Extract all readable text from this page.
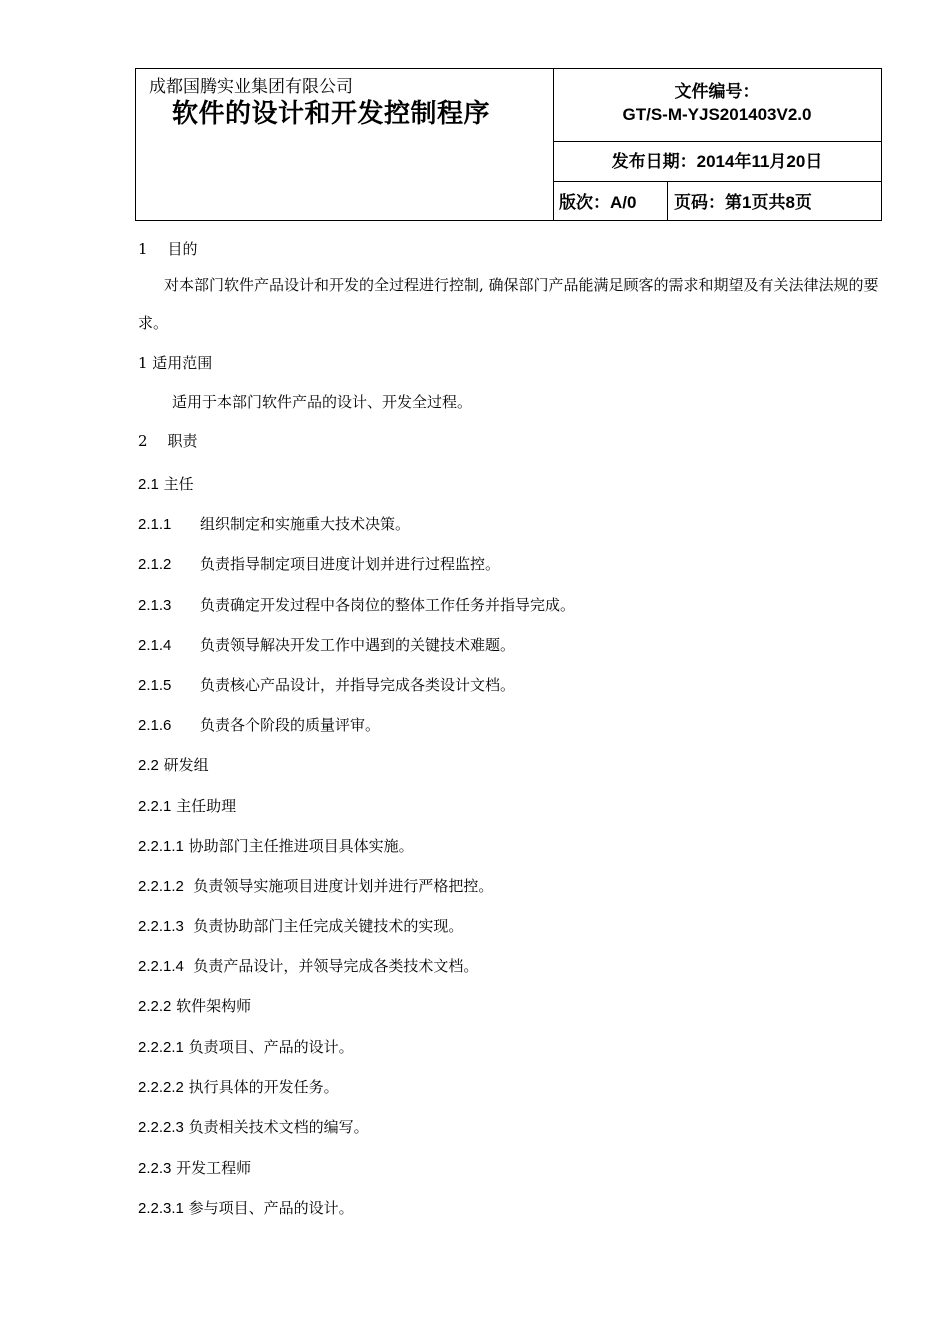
成都国腾实业集团有限公司
软件的设计和开发控制程序
文件编号：
GT/S-M-YJS201403V2.0
发布日期：2014年11月20日
版次：A/0 页码：第1页共8页
1 目的
对本部门软件产品设计和开发的全过程进行控制, 确保部门产品能满足顾客的需求和期望及有关法律法规的要求。
1 适用范围
适用于本部门软件产品的设计、开发全过程。
2 职责
2.1 主任
2.1.1 组织制定和实施重大技术决策。
2.1.2 负责指导制定项目进度计划并进行过程监控。
2.1.3 负责确定开发过程中各岗位的整体工作任务并指导完成。
2.1.4 负责领导解决开发工作中遇到的关键技术难题。
2.1.5 负责核心产品设计，并指导完成各类设计文档。
2.1.6 负责各个阶段的质量评审。
2.2 研发组
2.2.1 主任助理
2.2.1.1 协助部门主任推进项目具体实施。
2.2.1.2 负责领导实施项目进度计划并进行严格把控。
2.2.1.3 负责协助部门主任完成关键技术的实现。
2.2.1.4 负责产品设计，并领导完成各类技术文档。
2.2.2 软件架构师
2.2.2.1 负责项目、产品的设计。
2.2.2.2 执行具体的开发任务。
2.2.2.3 负责相关技术文档的编写。
2.2.3 开发工程师
2.2.3.1 参与项目、产品的设计。
